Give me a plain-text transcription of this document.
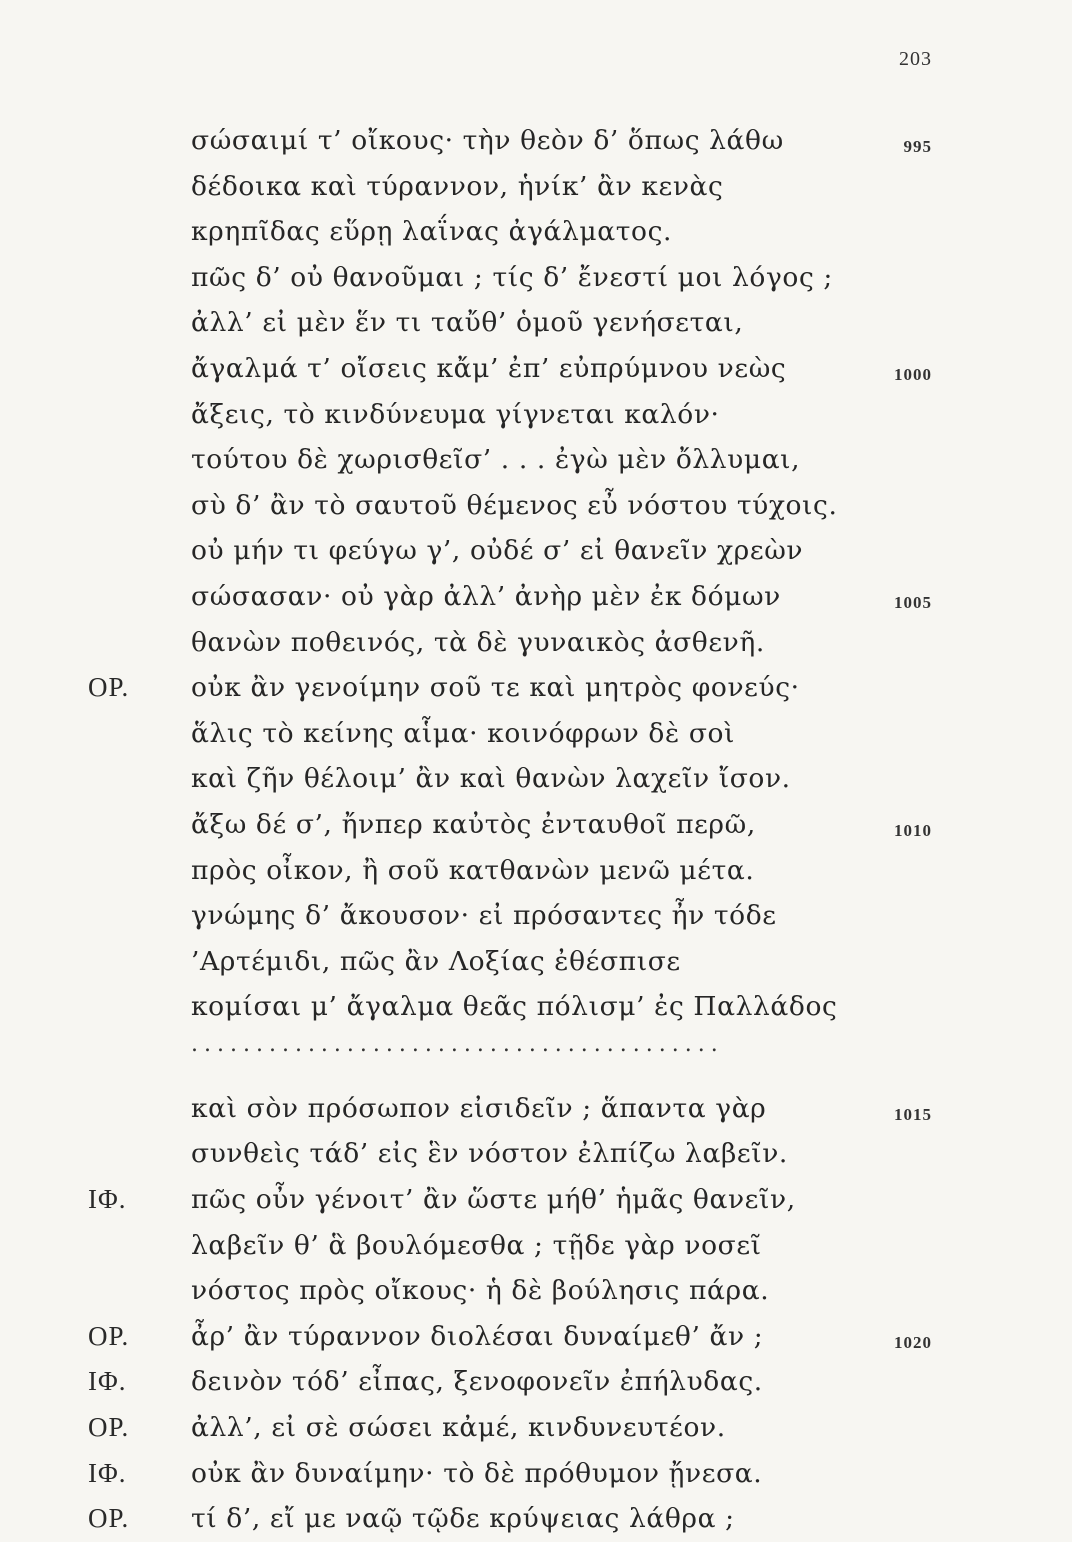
203
σώσαιμί τ’ οἴκους· τὴν θεὸν δ’ ὅπως λάθω	995
δέδοικα καὶ τύραννον, ἡνίκ’ ἂν κενὰς
κρηπῖδας εὕρῃ λαΐνας ἀγάλματος.
πῶς δ’ οὐ θανοῦμαι ; τίς δ’ ἔνεστί μοι λόγος ;
ἀλλ’ εἰ μὲν ἕν τι ταὔθ’ ὁμοῦ γενήσεται,
ἄγαλμά τ’ οἴσεις κἄμ’ ἐπ’ εὐπρύμνου νεὼς	1000
ἄξεις, τὸ κινδύνευμα γίγνεται καλόν·
τούτου δὲ χωρισθεῖσ’ . . . ἐγὼ μὲν ὄλλυμαι,
σὺ δ’ ἂν τὸ σαυτοῦ θέμενος εὖ νόστου τύχοις.
οὐ μήν τι φεύγω γ’, οὐδέ σ’ εἰ θανεῖν χρεὼν
σώσασαν· οὐ γὰρ ἀλλ’ ἀνὴρ μὲν ἐκ δόμων	1005
θανὼν ποθεινός, τὰ δὲ γυναικὸς ἀσθενῆ.
ΟΡ.	οὐκ ἂν γενοίμην σοῦ τε καὶ μητρὸς φονεύς·
ἅλις τὸ κείνης αἷμα· κοινόφρων δὲ σοὶ
καὶ ζῆν θέλοιμ’ ἂν καὶ θανὼν λαχεῖν ἴσον.
ἄξω δέ σ’, ἤνπερ καὐτὸς ἐνταυθοῖ περῶ,	1010
πρὸς οἶκον, ἢ σοῦ κατθανὼν μενῶ μέτα.
γνώμης δ’ ἄκουσον· εἰ πρόσαντες ἦν τόδε
’Αρτέμιδι, πῶς ἂν Λοξίας ἐθέσπισε
κομίσαι μ’ ἄγαλμα θεᾶς πόλισμ’ ἐς Παλλάδος
.........................................
καὶ σὸν πρόσωπον εἰσιδεῖν ; ἅπαντα γὰρ	1015
συνθεὶς τάδ’ εἰς ἓν νόστον ἐλπίζω λαβεῖν.
ΙΦ.	πῶς οὖν γένοιτ’ ἂν ὥστε μήθ’ ἡμᾶς θανεῖν,
λαβεῖν θ’ ἃ βουλόμεσθα ; τῇδε γὰρ νοσεῖ
νόστος πρὸς οἴκους· ἡ δὲ βούλησις πάρα.
ΟΡ.	ἆρ’ ἂν τύραννον διολέσαι δυναίμεθ’ ἄν ;	1020
ΙΦ.	δεινὸν τόδ’ εἶπας, ξενοφονεῖν ἐπήλυδας.
ΟΡ.	ἀλλ’, εἰ σὲ σώσει κἀμέ, κινδυνευτέον.
ΙΦ.	οὐκ ἂν δυναίμην· τὸ δὲ πρόθυμον ᾔνεσα.
ΟΡ.	τί δ’, εἴ με ναῷ τῷδε κρύψειας λάθρα ;
